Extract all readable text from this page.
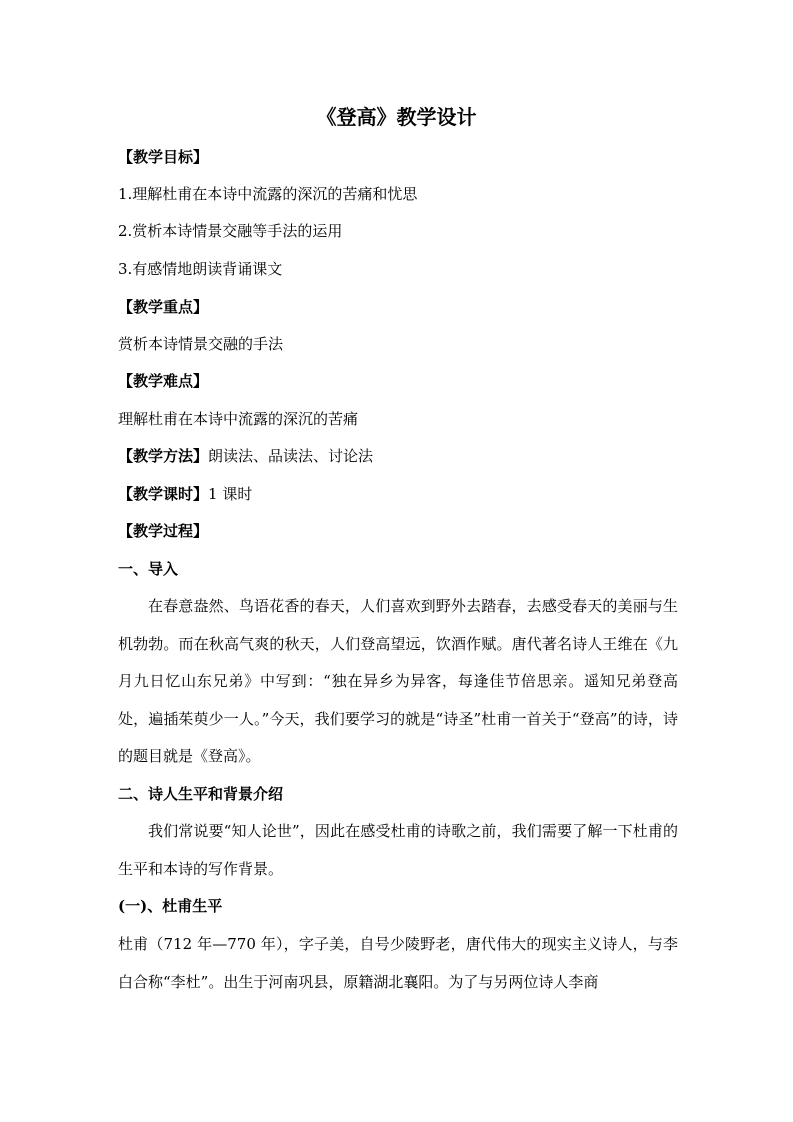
《登高》教学设计
【教学目标】
1.理解杜甫在本诗中流露的深沉的苦痛和忧思
2.赏析本诗情景交融等手法的运用
3.有感情地朗读背诵课文
【教学重点】
赏析本诗情景交融的手法
【教学难点】
理解杜甫在本诗中流露的深沉的苦痛
【教学方法】朗读法、品读法、讨论法
【教学课时】1 课时
【教学过程】
一、导入

在春意盎然、鸟语花香的春天，人们喜欢到野外去踏春，去感受春天的美丽与生机勃勃。而在秋高气爽的秋天，人们登高望远，饮酒作赋。唐代著名诗人王维在《九月九日忆山东兄弟》中写到：“独在异乡为异客，每逢佳节倍思亲。遥知兄弟登高处，遍插茱萸少一人。”今天，我们要学习的就是“诗圣”杜甫一首关于“登高”的诗，诗的题目就是《登高》。

二、诗人生平和背景介绍

我们常说要“知人论世”，因此在感受杜甫的诗歌之前，我们需要了解一下杜甫的生平和本诗的写作背景。

(一)、杜甫生平

杜甫（712 年—770 年），字子美，自号少陵野老，唐代伟大的现实主义诗人，与李白合称“李杜”。出生于河南巩县，原籍湖北襄阳。为了与另两位诗人李商
